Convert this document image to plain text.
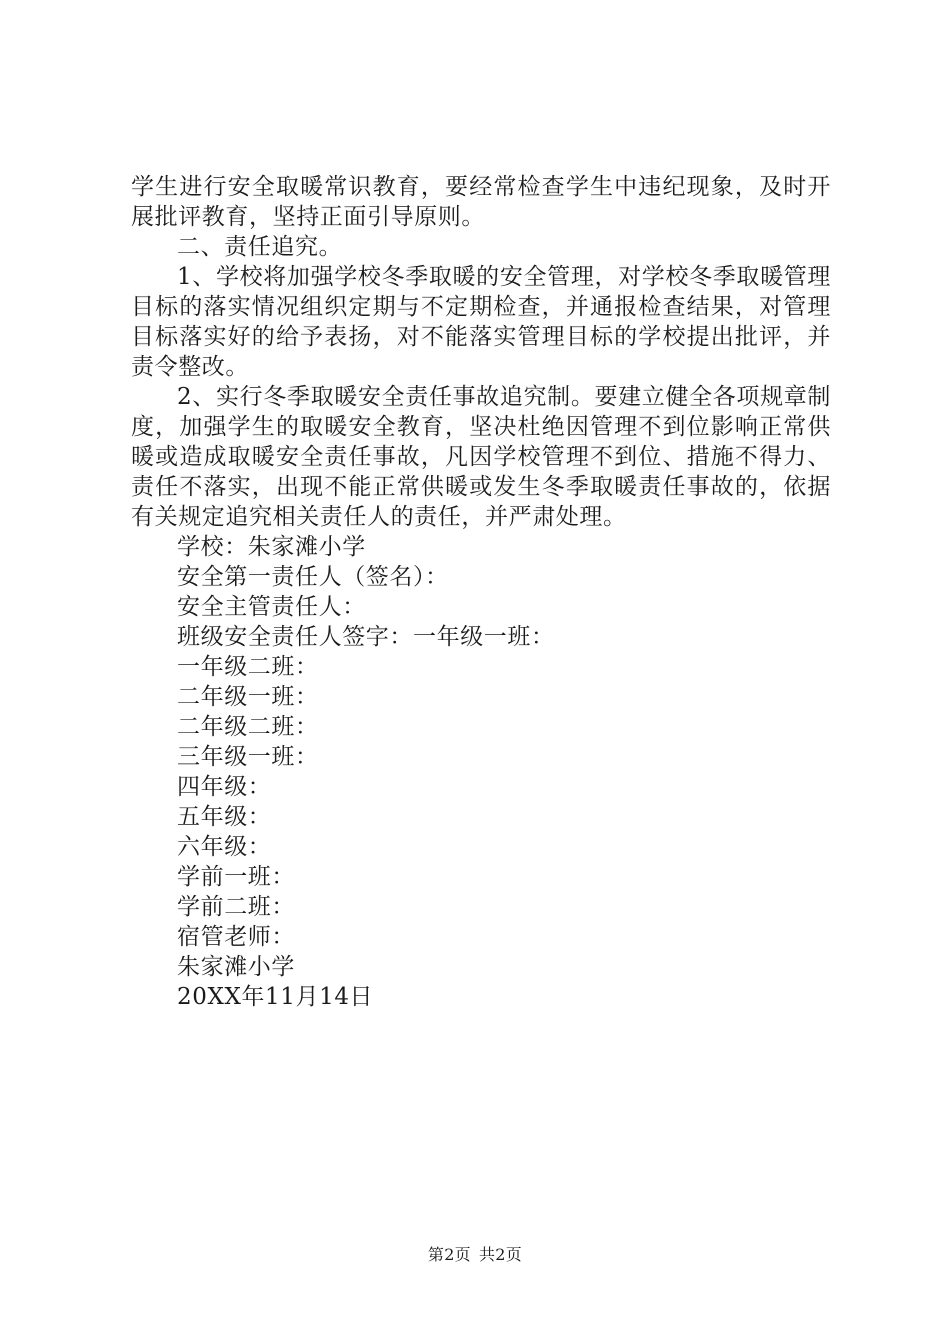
学生进行安全取暖常识教育，要经常检查学生中违纪现象，及时开展批评教育，坚持正面引导原则。

二、责任追究。

1、学校将加强学校冬季取暖的安全管理，对学校冬季取暖管理目标的落实情况组织定期与不定期检查，并通报检查结果，对管理目标落实好的给予表扬，对不能落实管理目标的学校提出批评，并责令整改。

2、实行冬季取暖安全责任事故追究制。要建立健全各项规章制度，加强学生的取暖安全教育，坚决杜绝因管理不到位影响正常供暖或造成取暖安全责任事故，凡因学校管理不到位、措施不得力、责任不落实，出现不能正常供暖或发生冬季取暖责任事故的，依据有关规定追究相关责任人的责任，并严肃处理。

学校：朱家滩小学

安全第一责任人（签名）：

安全主管责任人：

班级安全责任人签字：一年级一班：

一年级二班：

二年级一班：

二年级二班：

三年级一班：

四年级：

五年级：

六年级：

学前一班：

学前二班：

宿管老师：

朱家滩小学

20XX年11月14日

第2页 共2页
